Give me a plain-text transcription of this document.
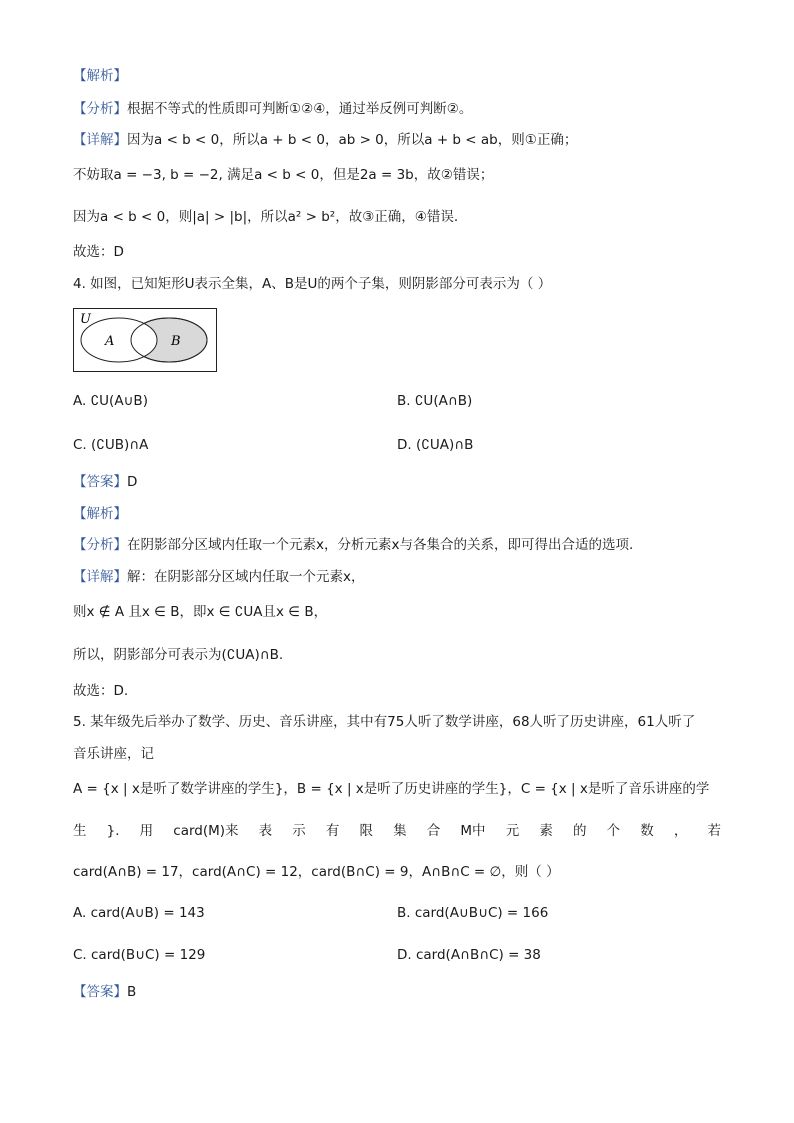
【解析】
【分析】根据不等式的性质即可判断①②④，通过举反例可判断②。
【详解】因为a < b < 0，所以a + b < 0，ab > 0，所以a + b < ab，则①正确；
不妨取a = −3, b = −2, 满足a < b < 0，但是2a = 3b，故②错误；
因为a < b < 0，则|a| > |b|，所以a² > b²，故③正确，④错误.
故选：D
4. 如图，已知矩形U表示全集，A、B是U的两个子集，则阴影部分可表示为（ ）
U
A	B
A. ∁U(A∪B)	B. ∁U(A∩B)
C. (∁UB)∩A	D. (∁UA)∩B
【答案】D
【解析】
【分析】在阴影部分区域内任取一个元素x，分析元素x与各集合的关系，即可得出合适的选项.
【详解】解：在阴影部分区域内任取一个元素x，
则x ∉ A 且x ∈ B，即x ∈ ∁UA且x ∈ B，
所以，阴影部分可表示为(∁UA)∩B.
故选：D.
5. 某年级先后举办了数学、历史、音乐讲座，其中有75人听了数学讲座，68人听了历史讲座，61人听了
音乐讲座，记
A = {x | x是听了数学讲座的学生}，B = {x | x是听了历史讲座的学生}，C = {x | x是听了音乐讲座的学
生 }. 用 card(M)来 表 示 有 限 集 合 M中 元 素 的 个 数 ， 若
card(A∩B) = 17，card(A∩C) = 12，card(B∩C) = 9，A∩B∩C = ∅，则（ ）
A. card(A∪B) = 143	B. card(A∪B∪C) = 166
C. card(B∪C) = 129	D. card(A∩B∩C) = 38
【答案】B
